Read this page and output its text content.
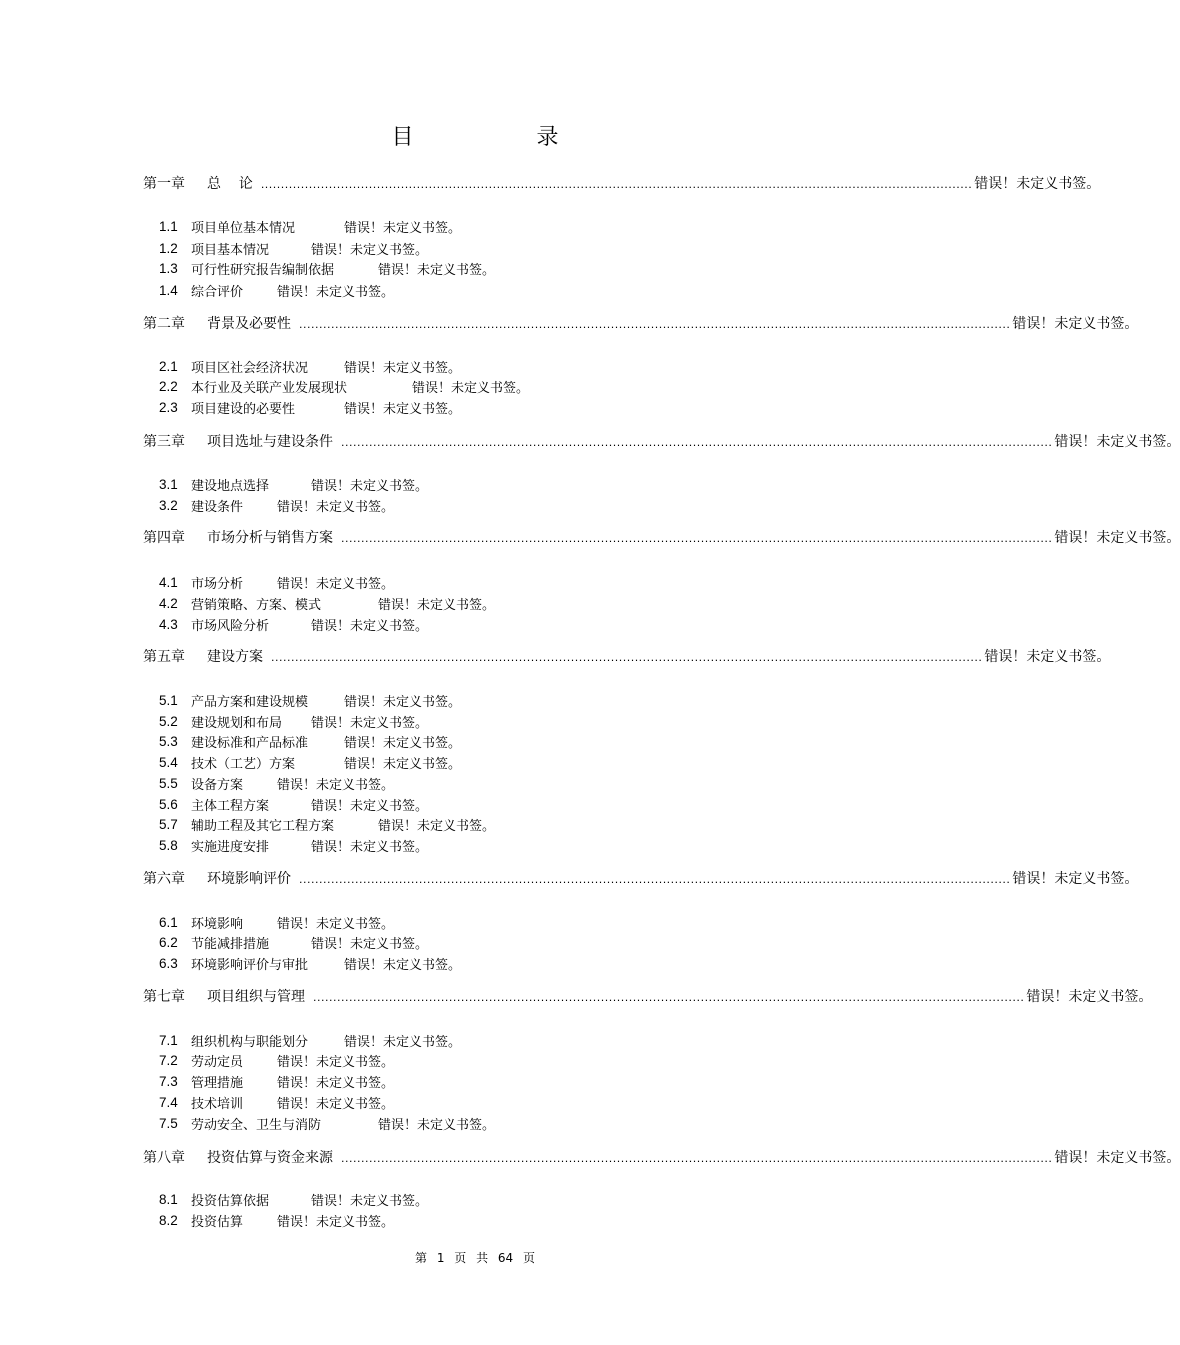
目 录
第一章 总    论 .................................................................................................................................................................................. 错误！未定义书签。
1.1	项目单位基本情况	错误！未定义书签。
1.2	项目基本情况	错误！未定义书签。
1.3	可行性研究报告编制依据	错误！未定义书签。
1.4	综合评价	错误！未定义书签。
第二章 背景及必要性 .................................................................................................................................................................................. 错误！未定义书签。
2.1	项目区社会经济状况	错误！未定义书签。
2.2	本行业及关联产业发展现状	错误！未定义书签。
2.3	项目建设的必要性	错误！未定义书签。
第三章 项目选址与建设条件 .................................................................................................................................................................................. 错误！未定义书签。
3.1	建设地点选择	错误！未定义书签。
3.2	建设条件	错误！未定义书签。
第四章 市场分析与销售方案 .................................................................................................................................................................................. 错误！未定义书签。
4.1	市场分析	错误！未定义书签。
4.2	营销策略、方案、模式	错误！未定义书签。
4.3	市场风险分析	错误！未定义书签。
第五章 建设方案 .................................................................................................................................................................................. 错误！未定义书签。
5.1	产品方案和建设规模	错误！未定义书签。
5.2	建设规划和布局 错误！未定义书签。
5.3	建设标准和产品标准	错误！未定义书签。
5.4	技术（工艺）方案	错误！未定义书签。
5.5	设备方案	错误！未定义书签。
5.6	主体工程方案	错误！未定义书签。
5.7	辅助工程及其它工程方案	错误！未定义书签。
5.8	实施进度安排	错误！未定义书签。
第六章 环境影响评价 .................................................................................................................................................................................. 错误！未定义书签。
6.1	环境影响	错误！未定义书签。
6.2	节能减排措施	错误！未定义书签。
6.3	环境影响评价与审批	错误！未定义书签。
第七章 项目组织与管理 .................................................................................................................................................................................. 错误！未定义书签。
7.1	组织机构与职能划分	错误！未定义书签。
7.2	劳动定员	错误！未定义书签。
7.3	管理措施	错误！未定义书签。
7.4	技术培训	错误！未定义书签。
7.5	劳动安全、卫生与消防	错误！未定义书签。
第八章 投资估算与资金来源 .................................................................................................................................................................................. 错误！未定义书签。
8.1	投资估算依据	错误！未定义书签。
8.2	投资估算	错误！未定义书签。
第 1 页 共 64 页
